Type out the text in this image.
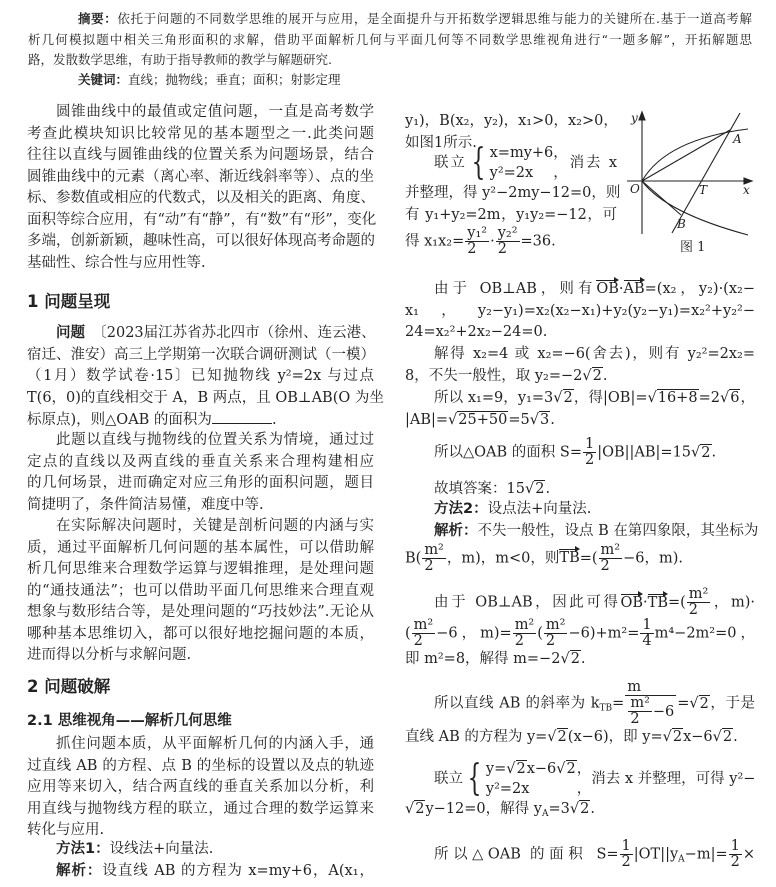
摘要：依托于问题的不同数学思维的展开与应用，是全面提升与开拓数学逻辑思维与能力的关键所在.基于一道高考解
析几何模拟题中相关三角形面积的求解，借助平面解析几何与平面几何等不同数学思维视角进行“一题多解”，开拓解题思
路，发散数学思维，有助于指导教师的教学与解题研究.
关键词：直线；抛物线；垂直；面积；射影定理
圆锥曲线中的最值或定值问题，一直是高考数学
考查此模块知识比较常见的基本题型之一.此类问题
往往以直线与圆锥曲线的位置关系为问题场景，结合
圆锥曲线中的元素（离心率、渐近线斜率等）、点的坐
标、参数值或相应的代数式，以及相关的距离、角度、
面积等综合应用，有“动”有“静”，有“数”有“形”，变化
多端，创新新颖，趣味性高，可以很好体现高考命题的
基础性、综合性与应用性等.
1 问题呈现
问题　〔2023届江苏省苏北四市（徐州、连云港、
宿迁、淮安）高三上学期第一次联合调研测试（一模）
（1月）数学试卷·15〕已知抛物线 y²=2x 与过点
T(6，0)的直线相交于 A，B 两点，且 OB⊥AB(O 为坐
标原点)，则△OAB 的面积为	.
此题以直线与抛物线的位置关系为情境，通过过
定点的直线以及两直线的垂直关系来合理构建相应
的几何场景，进而确定对应三角形的面积问题，题目
简捷明了，条件简洁易懂，难度中等.
在实际解决问题时，关键是剖析问题的内涵与实
质，通过平面解析几何问题的基本属性，可以借助解
析几何思维来合理数学运算与逻辑推理，是处理问题
的“通技通法”；也可以借助平面几何思维来合理直观
想象与数形结合等，是处理问题的“巧技妙法”.无论从
哪种基本思维切入，都可以很好地挖掘问题的本质，
进而得以分析与求解问题.
2 问题破解
2.1 思维视角——解析几何思维
抓住问题本质，从平面解析几何的内涵入手，通
过直线 AB 的方程、点 B 的坐标的设置以及点的轨迹
应用等来切入，结合两直线的垂直关系加以分析，利
用直线与抛物线方程的联立，通过合理的数学运算来
转化与应用.
方法1：设线法+向量法.
解析：设直线 AB 的方程为 x=my+6，A(x₁，
y₁)，B(x₂，y₂)，x₁>0，x₂>0，
如图1所示.
联立 { x=my+6，
y²=2x，
消去 x
并整理，得 y²−2my−12=0，则
有 y₁+y₂=2m，y₁y₂=−12，可
得 $x_1x_2= \frac{\text{y₁²}}{2} \cdot \frac{\text{y₂²}}{2} =36$.
y
x
O
A
T
B
图 1
由于 OB⊥AB，则有OB·AB=(x₂，y₂)·(x₂−
x₁，y₂−y₁)=x₂(x₂−x₁)+y₂(y₂−y₁)=x₂²+y₂²−
24=x₂²+2x₂−24=0.
解得 x₂=4 或 x₂=−6(舍去)，则有 y₂²=2x₂=
8，不失一般性，取 y₂=−2√2.
所以 x₁=9，y₁=3√2，得|OB|=√16+8=2√6，
|AB|=√25+50=5√3.
所以△OAB 的面积 $S= \frac{1}{2} |OB||AB|=15√2$.
故填答案：15√2.
方法2：设点法+向量法.
解析：不失一般性，设点 B 在第四象限，其坐标为
$B( \frac{\text{m²}}{2}$ ，m)，m<0，则$TB=( \frac{\text{m²}}{2} -6$，m).
由于 OB⊥AB，因此可得$OB\cdot TB=( \frac{\text{m²}}{2}$ ，m)·
( $\frac{\text{m²}}{2} -6$，$m)= \frac{\text{m²}}{2}$ ( $\frac{\text{m²}}{2} -6)+m^2= \frac{1}{4} m^4-2m^2=0$，
即 m²=8，解得 m=−2√2.
所以直线 AB 的斜率为 $k_{TB}= \frac{m}{\frac{\text{m²}}{2} -6} =√2$，于是
直线 AB 的方程为 y=√2(x−6)，即 y=√2x−6√2.
联立 { y=√2x−6√2，
y²=2x，
消去 x 并整理，可得 y²−
√2y−12=0，解得 $y_A=3√2$.
所以△OAB 的面积 $S= \frac{1}{2} |OT||y_A-m|= \frac{1}{2}$ ×
